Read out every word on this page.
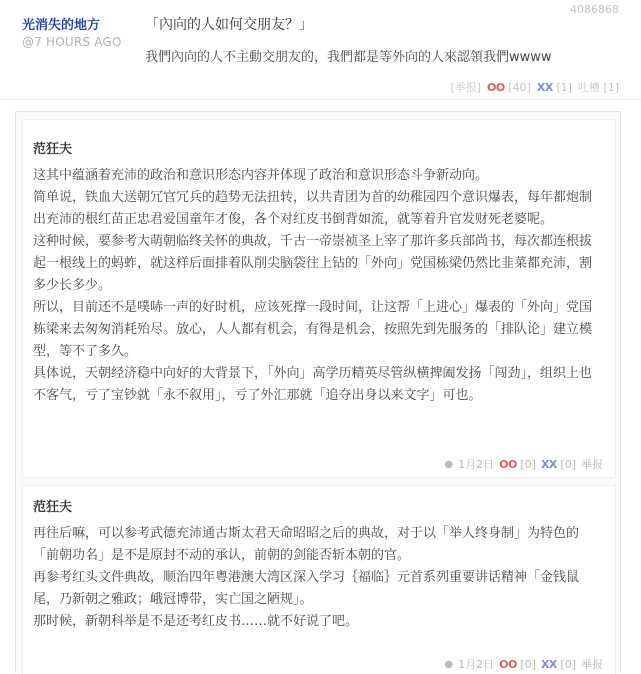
光消失的地方
@7 HOURS AGO
4086868
「內向的人如何交朋友？」
我們內向的人不主動交朋友的，我們都是等外向的人來認領我們wwww
[举报] OO [40] XX [1] 吐槽 [1]
范狂夫

这其中蕴涵着充沛的政治和意识形态内容并体现了政治和意识形态斗争新动向。

简单说，铁血大送朝冗官冗兵的趋势无法扭转，以共青团为首的幼稚园四个意识爆表，每年都炮制出充沛的根红苗正忠君爱国童年才俊，各个对红皮书倒背如流，就等着升官发财死老婆呢。

这种时候，要参考大萌朝临终关怀的典故，千古一帝崇祯圣上宰了那许多兵部尚书，每次都连根拔起一根线上的蚂蚱，就这样后面排着队削尖脑袋往上钻的「外向」党国栋梁仍然比韭菜都充沛，割多少长多少。

所以，目前还不是噗哧一声的好时机，应该死撑一段时间，让这帮「上进心」爆表的「外向」党国栋梁来去匆匆消耗殆尽。放心，人人都有机会，有得是机会，按照先到先服务的「排队论」建立模型，等不了多久。

具体说，天朝经济稳中向好的大背景下，「外向」高学历精英尽管纵横捭阖发扬「闯劲」，组织上也不客气，亏了宝钞就「永不叙用」，亏了外汇那就「追夺出身以来文字」可也。

● 1月2日 OO [0] XX [0] 举报
范狂夫

再往后嘛，可以参考武德充沛通古斯太君天命昭昭之后的典故，对于以「举人终身制」为特色的「前朝功名」是不是原封不动的承认，前朝的剑能否斩本朝的官。

再参考红头文件典故，顺治四年粤港澳大湾区深入学习｛福临｝元首系列重要讲话精神「金钱鼠尾，乃新朝之雅政；峨冠博带，实亡国之陋规」。

那时候，新朝科举是不是还考红皮书……就不好说了吧。

● 1月2日 OO [0] XX [0] 举报
